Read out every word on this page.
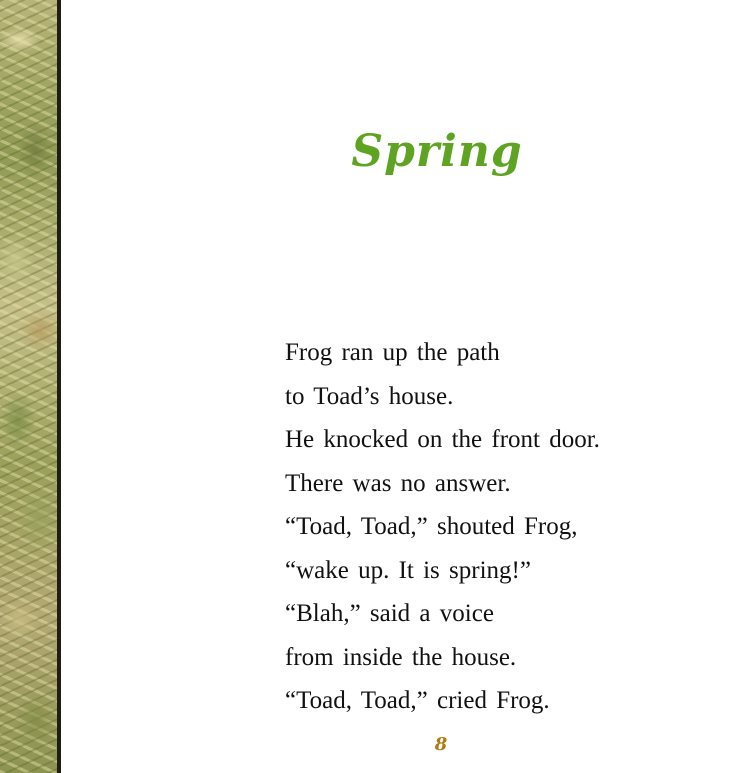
Spring
Frog ran up the path
to Toad’s house.
He knocked on the front door.
There was no answer.
“Toad, Toad,” shouted Frog,
“wake up. It is spring!”
“Blah,” said a voice
from inside the house.
“Toad, Toad,” cried Frog.
8
